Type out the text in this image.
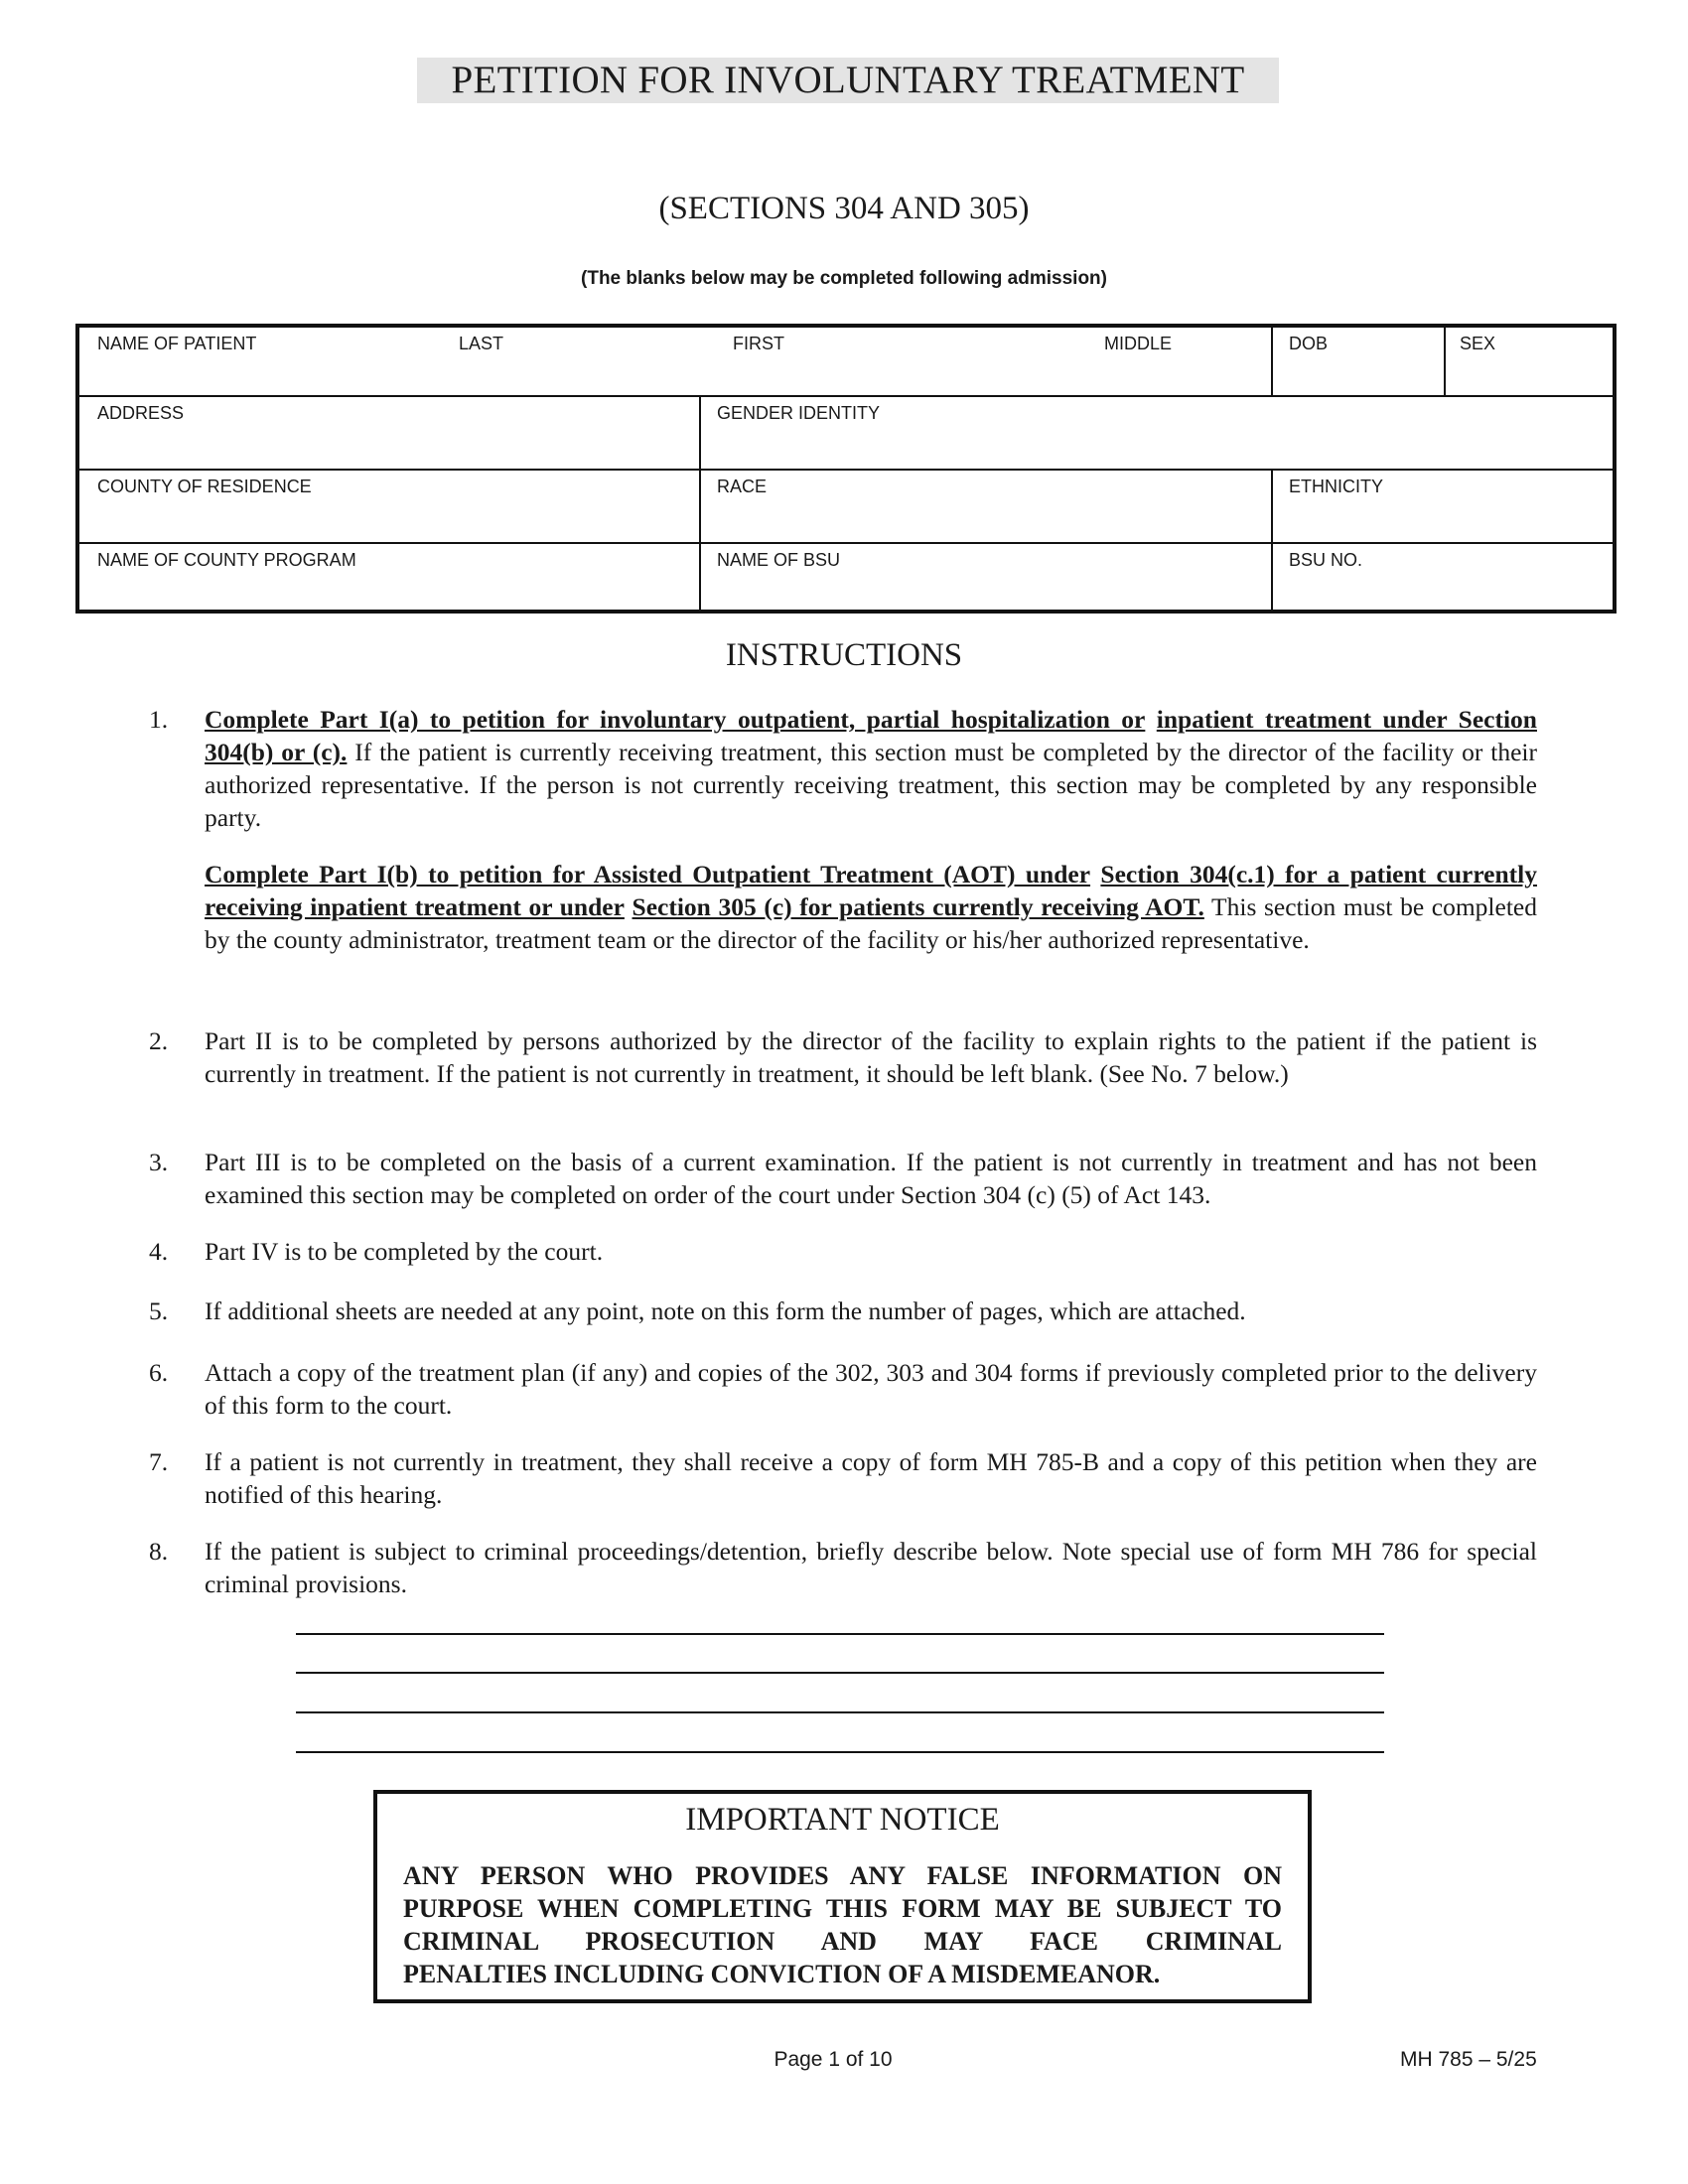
PETITION FOR INVOLUNTARY TREATMENT
(SECTIONS 304 AND 305)
(The blanks below may be completed following admission)
NAME OF PATIENT	LAST	FIRST	MIDDLE	DOB	SEX
ADDRESS	GENDER IDENTITY
COUNTY OF RESIDENCE	RACE	ETHNICITY
NAME OF COUNTY PROGRAM	NAME OF BSU	BSU NO.
INSTRUCTIONS
1. Complete Part I(a) to petition for involuntary outpatient, partial hospitalization or inpatient treatment under Section 304(b) or (c). If the patient is currently receiving treatment, this section must be completed by the director of the facility or their authorized representative. If the person is not currently receiving treatment, this section may be completed by any responsible party.
Complete Part I(b) to petition for Assisted Outpatient Treatment (AOT) under Section 304(c.1) for a patient currently receiving inpatient treatment or under Section 305 (c) for patients currently receiving AOT. This section must be completed by the county administrator, treatment team or the director of the facility or his/her authorized representative.
2. Part II is to be completed by persons authorized by the director of the facility to explain rights to the patient if the patient is currently in treatment. If the patient is not currently in treatment, it should be left blank. (See No. 7 below.)
3. Part III is to be completed on the basis of a current examination. If the patient is not currently in treatment and has not been examined this section may be completed on order of the court under Section 304 (c) (5) of Act 143.
4. Part IV is to be completed by the court.
5. If additional sheets are needed at any point, note on this form the number of pages, which are attached.
6. Attach a copy of the treatment plan (if any) and copies of the 302, 303 and 304 forms if previously completed prior to the delivery of this form to the court.
7. If a patient is not currently in treatment, they shall receive a copy of form MH 785-B and a copy of this petition when they are notified of this hearing.
8. If the patient is subject to criminal proceedings/detention, briefly describe below. Note special use of form MH 786 for special criminal provisions.
IMPORTANT NOTICE
ANY PERSON WHO PROVIDES ANY FALSE INFORMATION ON
PURPOSE WHEN COMPLETING THIS FORM MAY BE SUBJECT TO
CRIMINAL PROSECUTION AND MAY FACE CRIMINAL
PENALTIES INCLUDING CONVICTION OF A MISDEMEANOR.
Page 1 of 10	MH 785 – 5/25
